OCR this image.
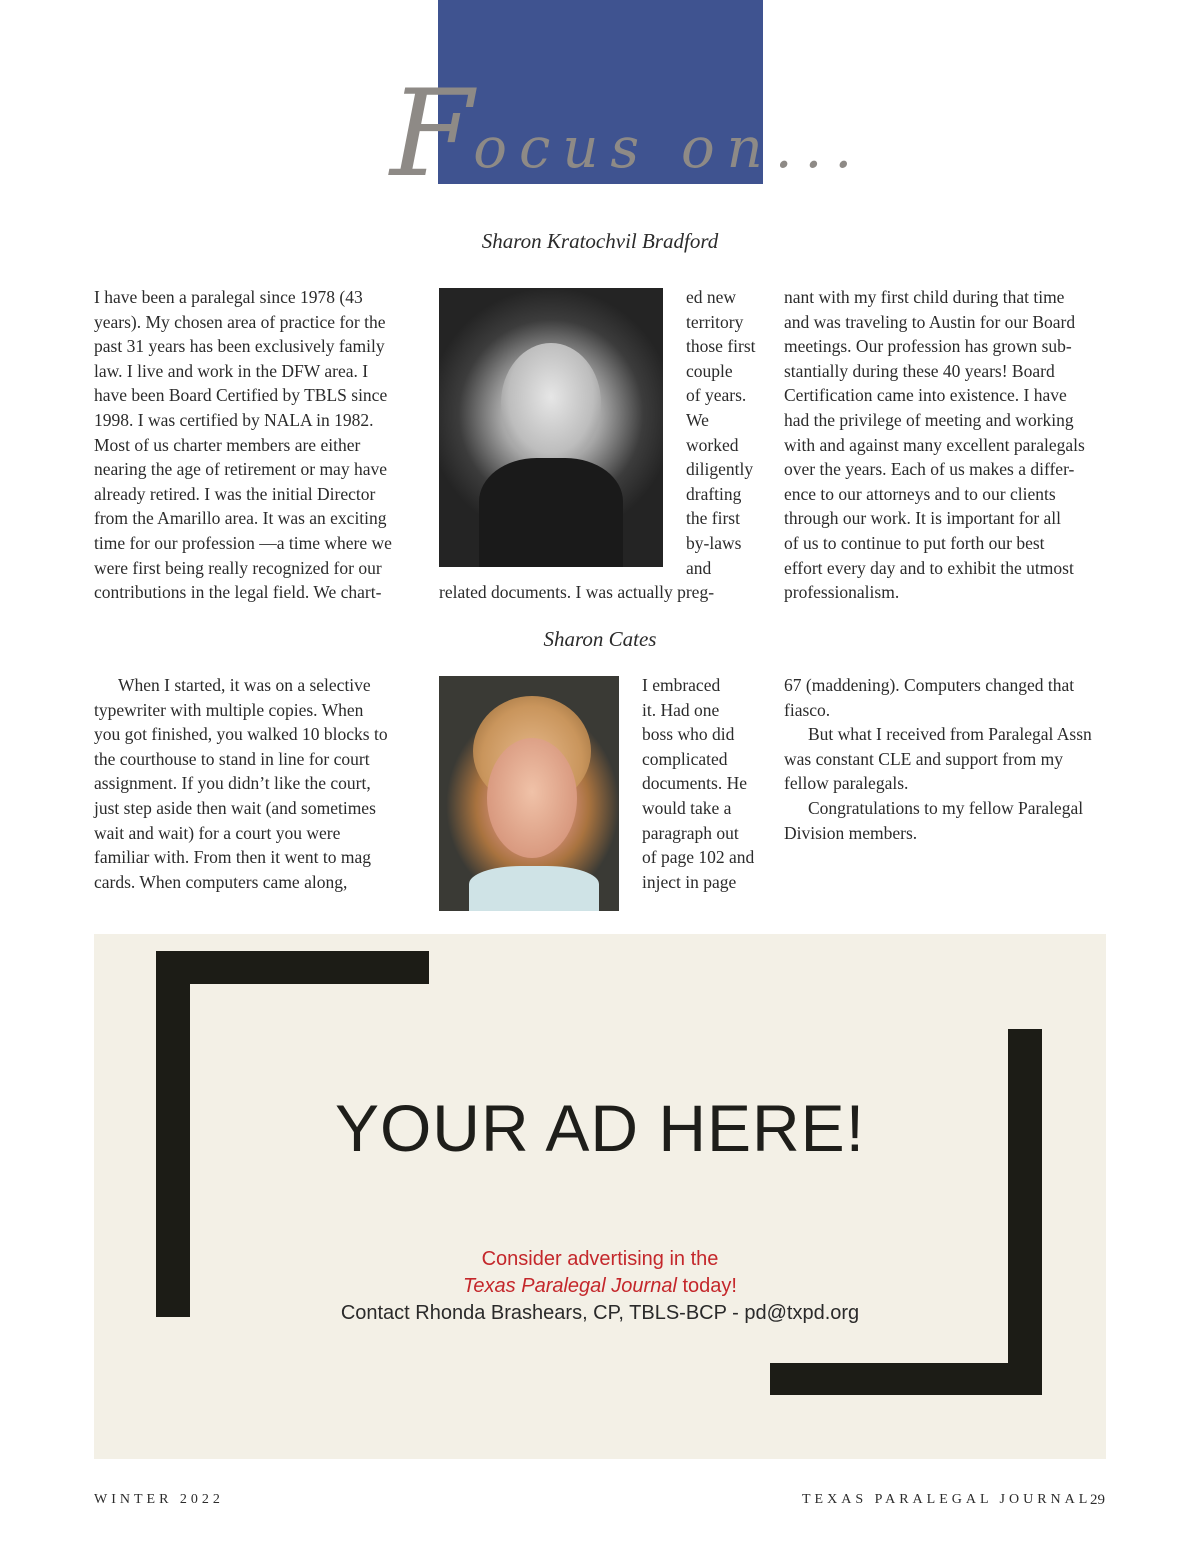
Focus on...
Sharon Kratochvil Bradford
I have been a paralegal since 1978 (43
years). My chosen area of practice for the
past 31 years has been exclusively family
law. I live and work in the DFW area. I
have been Board Certified by TBLS since
1998. I was certified by NALA in 1982.
Most of us charter members are either
nearing the age of retirement or may have
already retired. I was the initial Director
from the Amarillo area. It was an exciting
time for our profession —a time where we
were first being really recognized for our
contributions in the legal field. We chart-
ed new
territory
those first
couple
of years.
We
worked
diligently
drafting
the first
by-laws
and
related documents. I was actually preg-
nant with my first child during that time
and was traveling to Austin for our Board
meetings. Our profession has grown sub-
stantially during these 40 years! Board
Certification came into existence. I have
had the privilege of meeting and working
with and against many excellent paralegals
over the years. Each of us makes a differ-
ence to our attorneys and to our clients
through our work. It is important for all
of us to continue to put forth our best
effort every day and to exhibit the utmost
professionalism.
Sharon Cates
When I started, it was on a selective
typewriter with multiple copies. When
you got finished, you walked 10 blocks to
the courthouse to stand in line for court
assignment. If you didn’t like the court,
just step aside then wait (and sometimes
wait and wait) for a court you were
familiar with. From then it went to mag
cards. When computers came along,
I embraced
it. Had one
boss who did
complicated
documents. He
would take a
paragraph out
of page 102 and
inject in page
67 (maddening). Computers changed that
fiasco.
But what I received from Paralegal Assn
was constant CLE and support from my
fellow paralegals.
Congratulations to my fellow Paralegal
Division members.
YOUR AD HERE!
Consider advertising in the
Texas Paralegal Journal today!
Contact Rhonda Brashears, CP, TBLS-BCP - pd@txpd.org
WINTER 2022	TEXAS PARALEGAL JOURNAL
29
